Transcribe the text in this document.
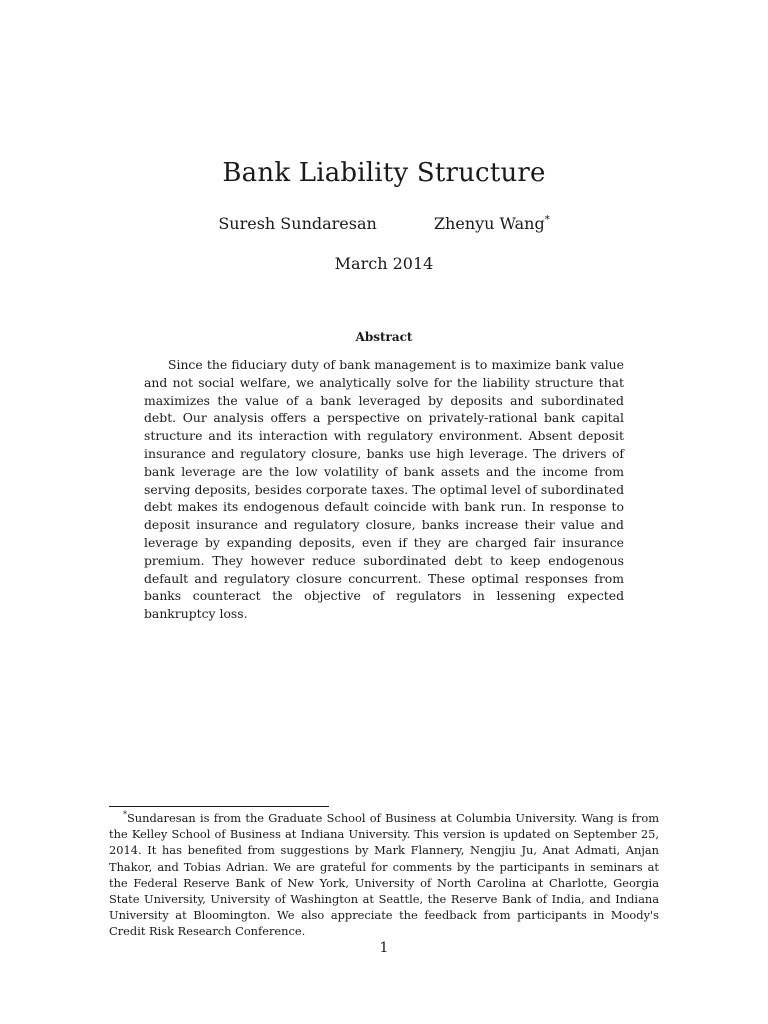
Bank Liability Structure
Suresh Sundaresan	Zhenyu Wang*
March 2014
Abstract

Since the fiduciary duty of bank management is to maximize bank value and not social welfare, we analytically solve for the liability structure that maximizes the value of a bank leveraged by deposits and subordinated debt. Our analysis offers a perspective on privately-rational bank capital structure and its interaction with regulatory environment. Absent deposit insurance and regulatory closure, banks use high leverage. The drivers of bank leverage are the low volatility of bank assets and the income from serving deposits, besides corporate taxes. The optimal level of subordinated debt makes its endogenous default coincide with bank run. In response to deposit insurance and regulatory closure, banks increase their value and leverage by expanding deposits, even if they are charged fair insurance premium. They however reduce subordinated debt to keep endogenous default and regulatory closure concurrent. These optimal responses from banks counteract the objective of regulators in lessening expected bankruptcy loss.

*Sundaresan is from the Graduate School of Business at Columbia University. Wang is from the Kelley School of Business at Indiana University. This version is updated on September 25, 2014. It has benefited from suggestions by Mark Flannery, Nengjiu Ju, Anat Admati, Anjan Thakor, and Tobias Adrian. We are grateful for comments by the participants in seminars at the Federal Reserve Bank of New York, University of North Carolina at Charlotte, Georgia State University, University of Washington at Seattle, the Reserve Bank of India, and Indiana University at Bloomington. We also appreciate the feedback from participants in Moody's Credit Risk Research Conference.

1
